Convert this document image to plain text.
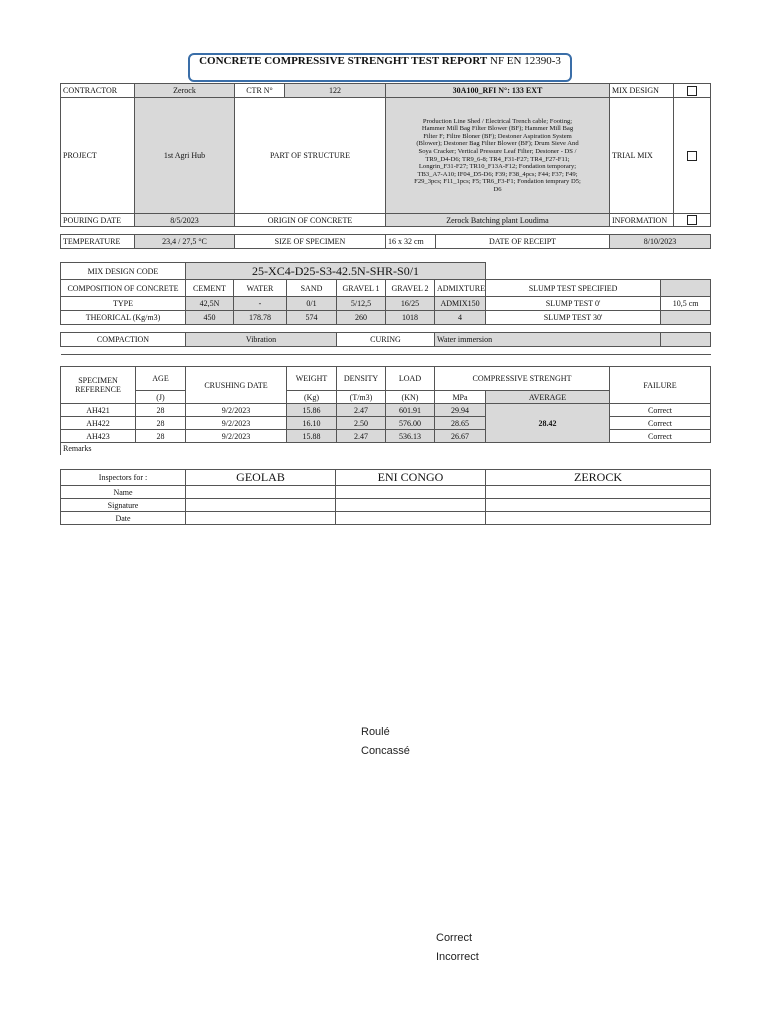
CONCRETE COMPRESSIVE STRENGHT TEST REPORT NF EN 12390-3
CONTRACTOR	Zerock	CTR N°	122	30A100_RFI N°: 133 EXT		MIX DESIGN	
PROJECT	1st Agri Hub	PART OF STRUCTURE		Production Line Shed / Electrical Trench cable; Footing; Hammer Mill Bag Filter Blower (BF); Hammer Mill Bag Filter F; Filtre Bloner (BF); Destoner Aspiration System (Blower); Destoner Bag Filter Blower (BF); Drum Sieve And Soya Cracker; Vertical Pressure Leaf Filter; Destoner - DS / TR9_D4-D6; TR9_6-8; TR4_F31-F27; TR4_F27-F11; Longrin_F31-F27; TR10_F13A-F12; Fondation temporary; TB3_A7-A10; IF04_D5-D6; F39; F38_4pcs; F44; F37; F49; F29_3pcs; F11_1pcs; F5; TR6_F3-F1; Fondation temprary D5; D6		TRIAL MIX	
POURING DATE	8/5/2023	ORIGIN OF CONCRETE		Zerock Batching plant Loudima		INFORMATION	

TEMPERATURE	23,4 / 27,5 °C	SIZE OF SPECIMEN		16 x 32 cm	DATE OF RECEIPT	8/10/2023	
MIX DESIGN CODE	25-XC4-D25-S3-42.5N-SHR-S0/1							
COMPOSITION OF CONCRETE	CEMENT	WATER	SAND	GRAVEL 1	GRAVEL 2	ADMIXTURE	SLUMP TEST SPECIFIED	
TYPE	42,5N	-	0/1	5/12,5	16/25	ADMIX150	SLUMP TEST 0'	10,5 cm
THEORICAL (Kg/m3)	450	178.78	574	260	1018	4	SLUMP TEST 30'	

COMPACTION	Vibration			CURING		Water immersion		

SPECIMEN REFERENCE	AGE	CRUSHING DATE	WEIGHT	DENSITY	LOAD	COMPRESSIVE STRENGHT		FAILURE
	(J)		(Kg)	(T/m3)	(KN)	MPa	AVERAGE	
AH421	28	9/2/2023	15.86	2.47	601.91	29.94	28.42	Correct
AH422	28	9/2/2023	16.10	2.50	576.00	28.65		Correct
AH423	28	9/2/2023	15.88	2.47	536.13	26.67		Correct
Remarks								
Inspectors for :	GEOLAB	ENI CONGO	ZEROCK
Name			
Signature			
Date			
Roulé
Concassé
Correct
Incorrect
